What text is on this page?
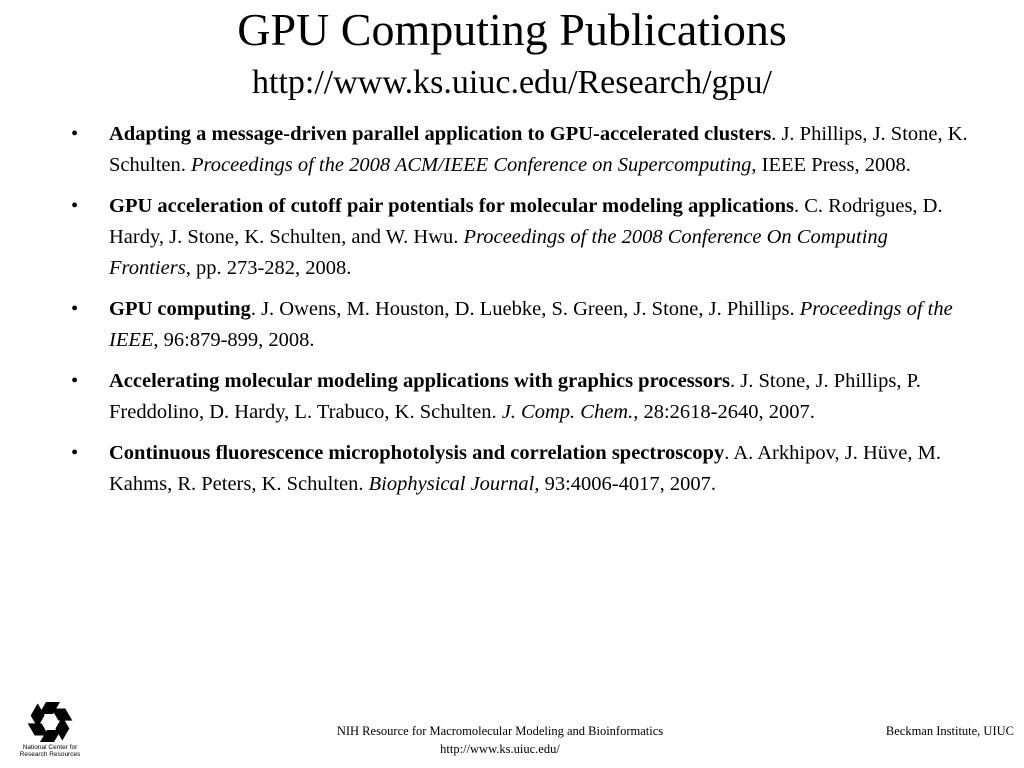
GPU Computing Publications
http://www.ks.uiuc.edu/Research/gpu/
• Adapting a message-driven parallel application to GPU-accelerated clusters. J. Phillips, J. Stone, K. Schulten. Proceedings of the 2008 ACM/IEEE Conference on Supercomputing, IEEE Press, 2008.
• GPU acceleration of cutoff pair potentials for molecular modeling applications. C. Rodrigues, D. Hardy, J. Stone, K. Schulten, and W. Hwu. Proceedings of the 2008 Conference On Computing Frontiers, pp. 273-282, 2008.
• GPU computing. J. Owens, M. Houston, D. Luebke, S. Green, J. Stone, J. Phillips. Proceedings of the IEEE, 96:879-899, 2008.
• Accelerating molecular modeling applications with graphics processors. J. Stone, J. Phillips, P. Freddolino, D. Hardy, L. Trabuco, K. Schulten. J. Comp. Chem., 28:2618-2640, 2007.
• Continuous fluorescence microphotolysis and correlation spectroscopy. A. Arkhipov, J. Hüve, M. Kahms, R. Peters, K. Schulten. Biophysical Journal, 93:4006-4017, 2007.
National Center for
Research Resources
NIH Resource for Macromolecular Modeling and Bioinformatics
http://www.ks.uiuc.edu/
Beckman Institute, UIUC
